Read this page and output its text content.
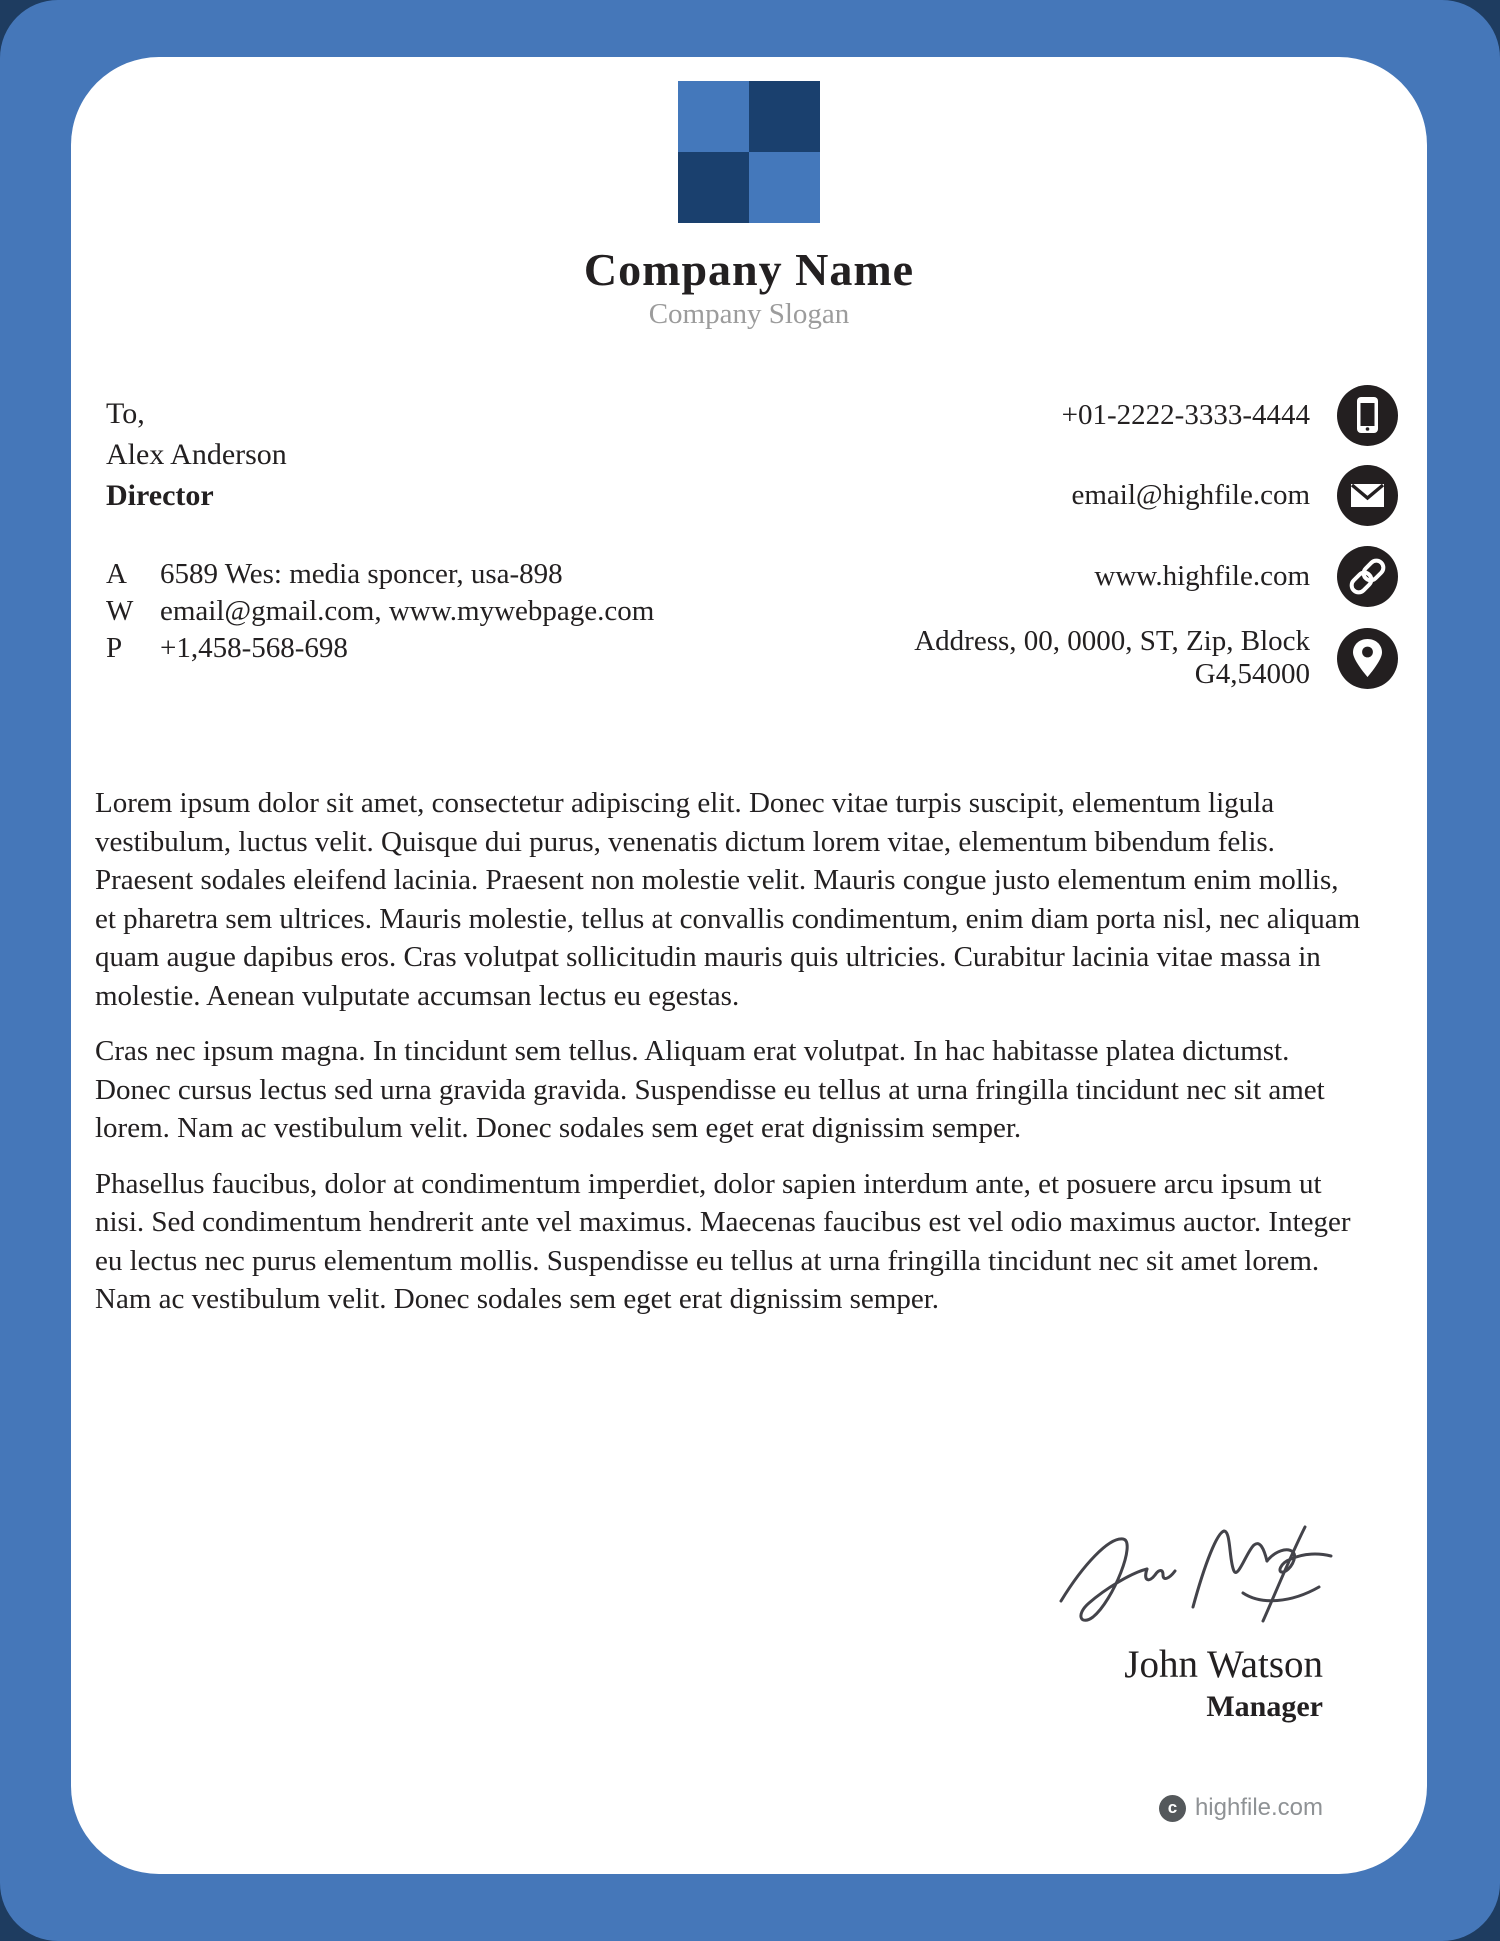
Company Name
Company Slogan
To,
Alex Anderson
Director
A	6589 Wes: media sponcer, usa-898
W email@gmail.com, www.mywebpage.com
P	+1,458-568-698
+01-2222-3333-4444
email@highfile.com
www.highfile.com
Address, 00, 0000, ST, Zip, Block
G4,54000

Lorem ipsum dolor sit amet, consectetur adipiscing elit. Donec vitae turpis suscipit, elementum ligula vestibulum, luctus velit. Quisque dui purus, venenatis dictum lorem vitae, elementum bibendum felis. Praesent sodales eleifend lacinia. Praesent non molestie velit. Mauris congue justo elementum enim mollis, et pharetra sem ultrices. Mauris molestie, tellus at convallis condimentum, enim diam porta nisl, nec aliquam quam augue dapibus eros. Cras volutpat sollicitudin mauris quis ultricies. Curabitur lacinia vitae massa in molestie. Aenean vulputate accumsan lectus eu egestas.

Cras nec ipsum magna. In tincidunt sem tellus. Aliquam erat volutpat. In hac habitasse platea dictumst. Donec cursus lectus sed urna gravida gravida. Suspendisse eu tellus at urna fringilla tincidunt nec sit amet lorem. Nam ac vestibulum velit. Donec sodales sem eget erat dignissim semper.

Phasellus faucibus, dolor at condimentum imperdiet, dolor sapien interdum ante, et posuere arcu ipsum ut nisi. Sed condimentum hendrerit ante vel maximus. Maecenas faucibus est vel odio maximus auctor. Integer eu lectus nec purus elementum mollis. Suspendisse eu tellus at urna fringilla tincidunt nec sit amet lorem. Nam ac vestibulum velit. Donec sodales sem eget erat dignissim semper.

John Watson
Manager
c highfile.com
